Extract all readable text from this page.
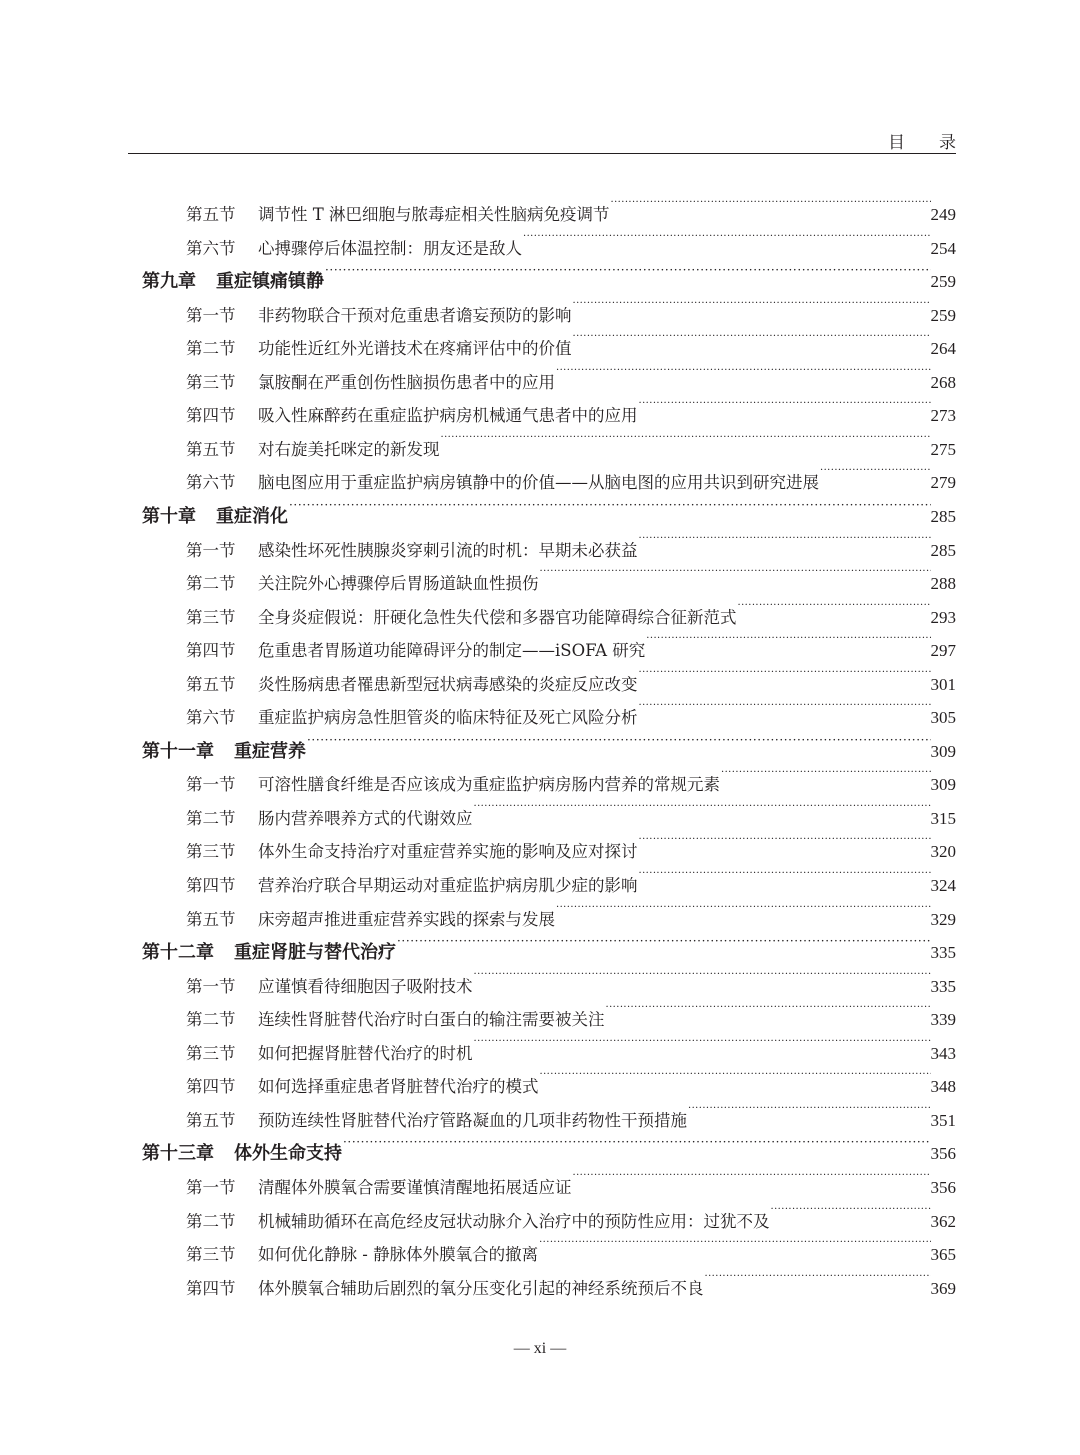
目录
第五节	调节性 T 淋巴细胞与脓毒症相关性脑病免疫调节 ·····	249
第六节	心搏骤停后体温控制：朋友还是敌人 ·····	254
第九章 重症镇痛镇静 ·····	259
第一节	非药物联合干预对危重患者谵妄预防的影响 ·····	259
第二节	功能性近红外光谱技术在疼痛评估中的价值 ·····	264
第三节	氯胺酮在严重创伤性脑损伤患者中的应用 ·····	268
第四节	吸入性麻醉药在重症监护病房机械通气患者中的应用 ·····	273
第五节	对右旋美托咪定的新发现 ·····	275
第六节	脑电图应用于重症监护病房镇静中的价值——从脑电图的应用共识到研究进展 ·····	279
第十章 重症消化 ·····	285
第一节	感染性坏死性胰腺炎穿刺引流的时机：早期未必获益 ·····	285
第二节	关注院外心搏骤停后胃肠道缺血性损伤 ·····	288
第三节	全身炎症假说：肝硬化急性失代偿和多器官功能障碍综合征新范式 ·····	293
第四节	危重患者胃肠道功能障碍评分的制定——iSOFA 研究 ·····	297
第五节	炎性肠病患者罹患新型冠状病毒感染的炎症反应改变 ·····	301
第六节	重症监护病房急性胆管炎的临床特征及死亡风险分析 ·····	305
第十一章 重症营养 ·····	309
第一节	可溶性膳食纤维是否应该成为重症监护病房肠内营养的常规元素 ·····	309
第二节	肠内营养喂养方式的代谢效应 ·····	315
第三节	体外生命支持治疗对重症营养实施的影响及应对探讨 ·····	320
第四节	营养治疗联合早期运动对重症监护病房肌少症的影响 ·····	324
第五节	床旁超声推进重症营养实践的探索与发展 ·····	329
第十二章 重症肾脏与替代治疗 ·····	335
第一节	应谨慎看待细胞因子吸附技术 ·····	335
第二节	连续性肾脏替代治疗时白蛋白的输注需要被关注 ·····	339
第三节	如何把握肾脏替代治疗的时机 ·····	343
第四节	如何选择重症患者肾脏替代治疗的模式 ·····	348
第五节	预防连续性肾脏替代治疗管路凝血的几项非药物性干预措施 ·····	351
第十三章 体外生命支持 ·····	356
第一节	清醒体外膜氧合需要谨慎清醒地拓展适应证 ·····	356
第二节	机械辅助循环在高危经皮冠状动脉介入治疗中的预防性应用：过犹不及 ·····	362
第三节	如何优化静脉 - 静脉体外膜氧合的撤离 ·····	365
第四节	体外膜氧合辅助后剧烈的氧分压变化引起的神经系统预后不良 ·····	369
— xi —
